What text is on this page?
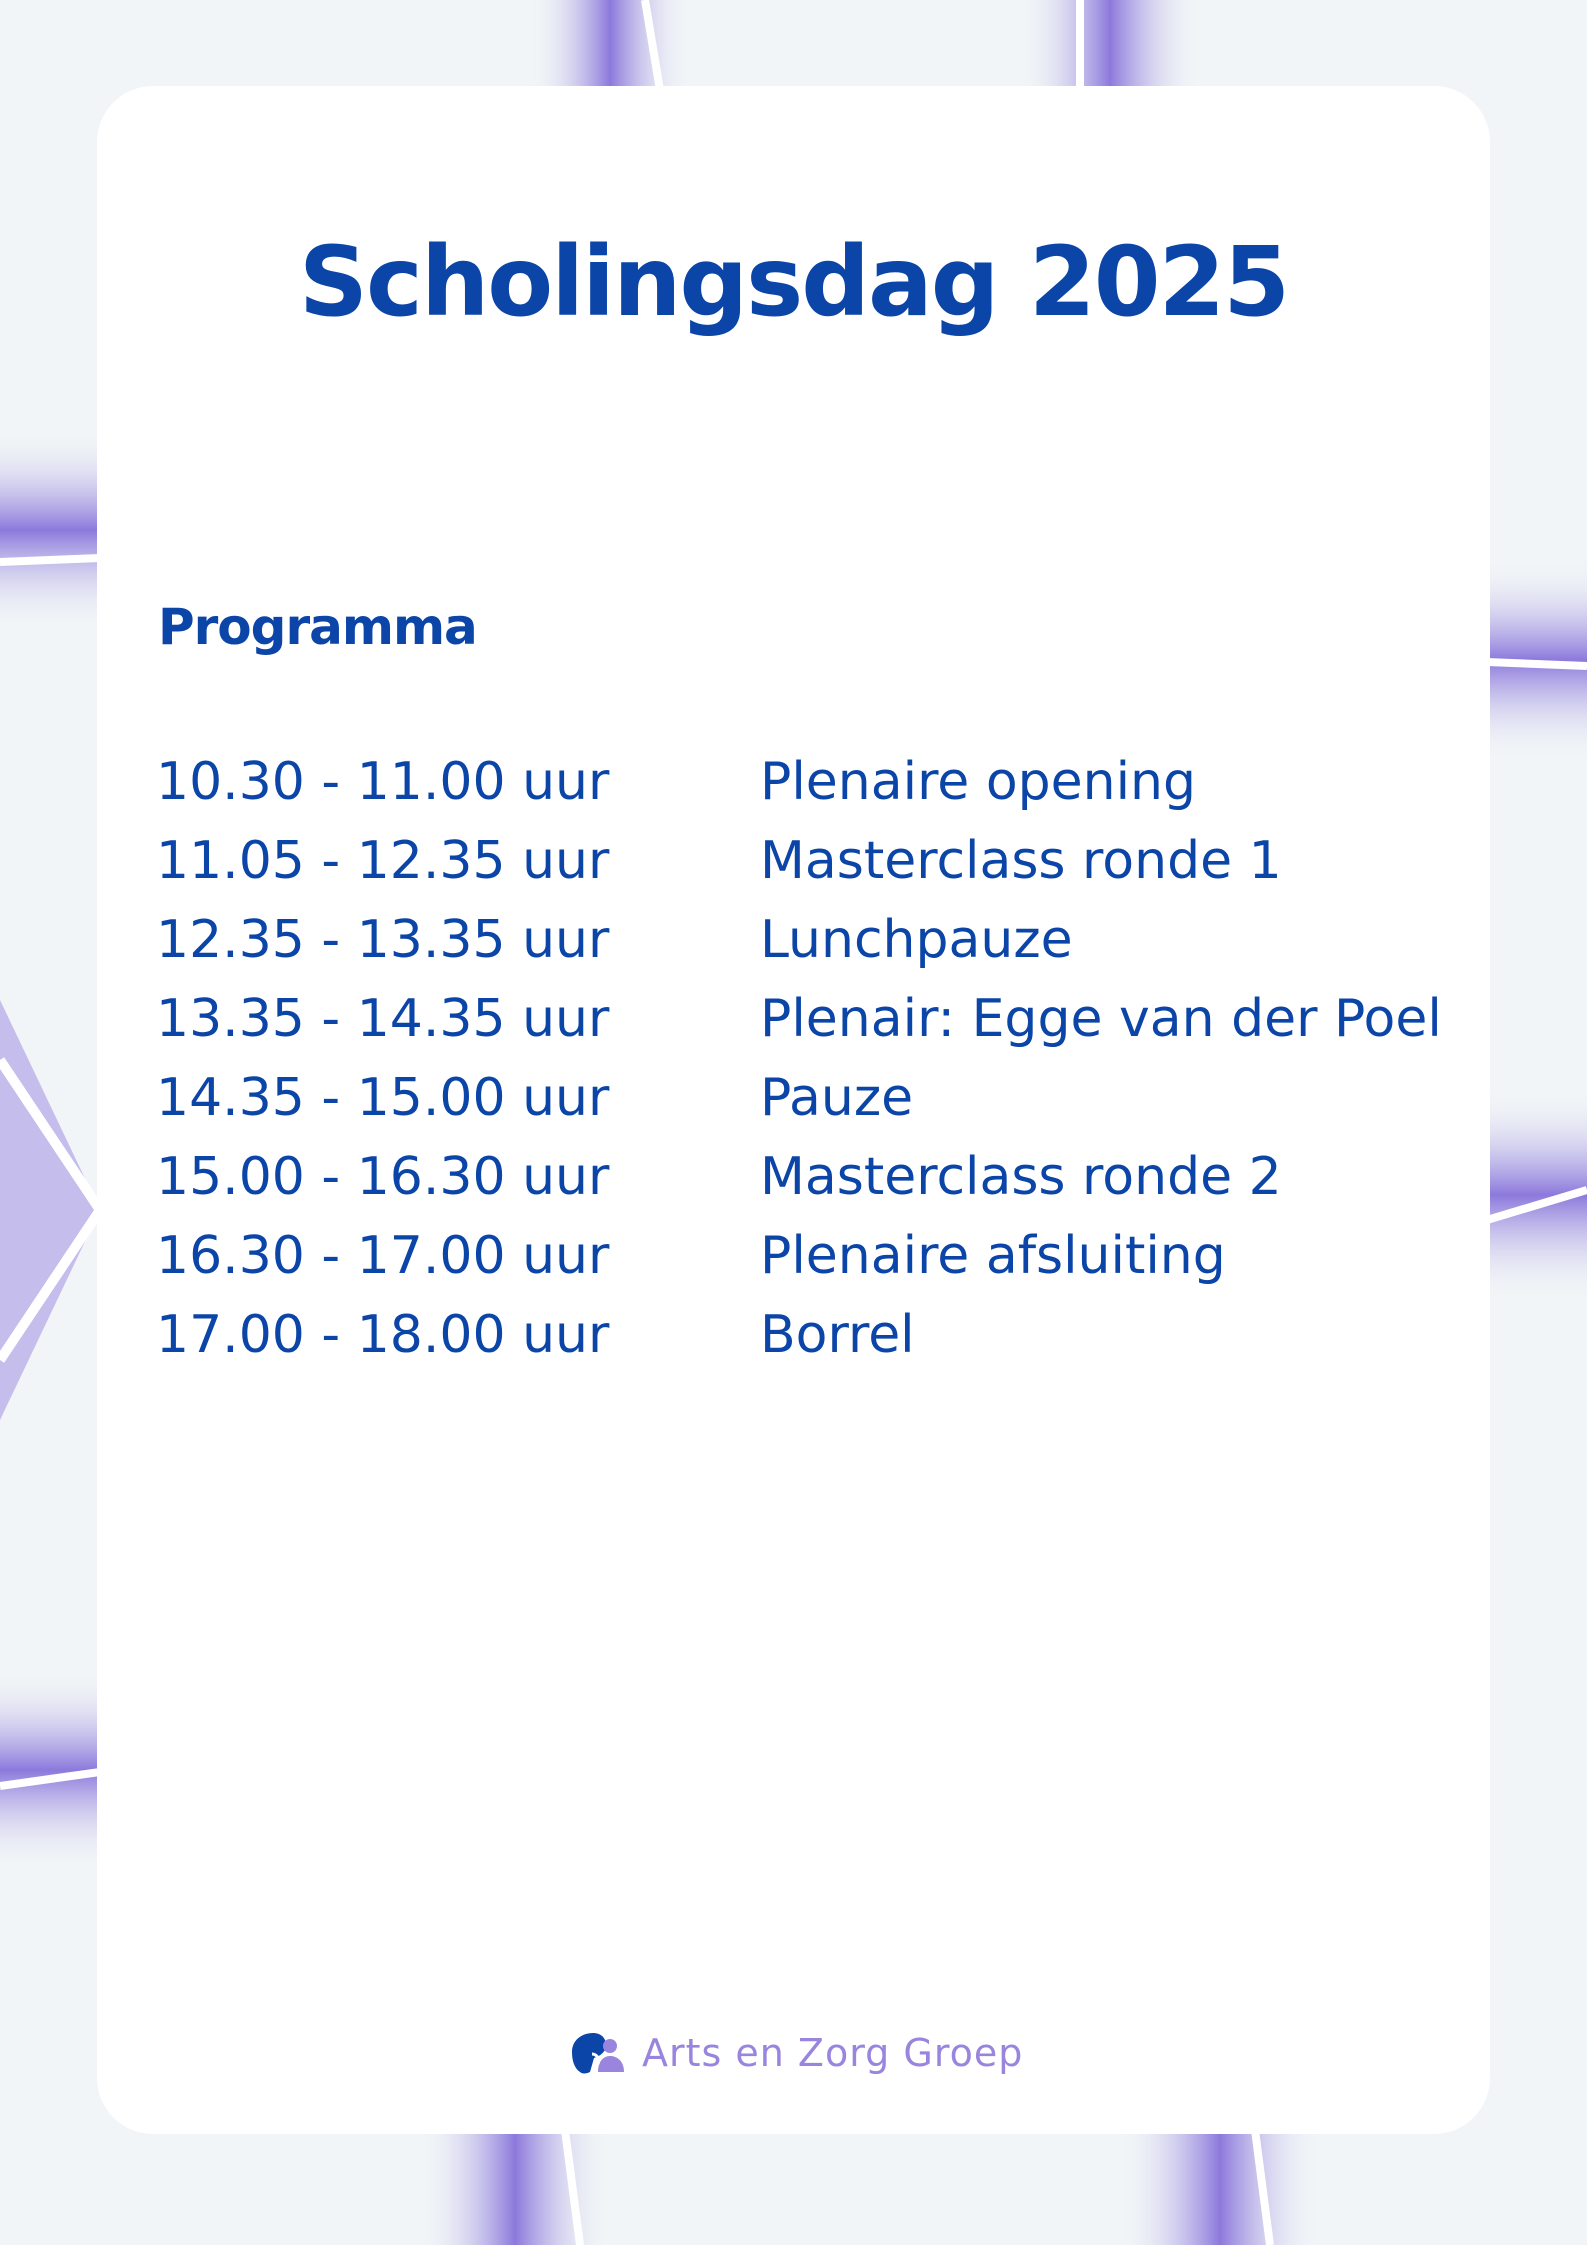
Scholingsdag 2025
Programma
10.30 - 11.00 uur	Plenaire opening
11.05 - 12.35 uur	Masterclass ronde 1
12.35 - 13.35 uur	Lunchpauze
13.35 - 14.35 uur	Plenair: Egge van der Poel
14.35 - 15.00 uur	Pauze
15.00 - 16.30 uur	Masterclass ronde 2
16.30 - 17.00 uur	Plenaire afsluiting
17.00 - 18.00 uur	Borrel
Arts en Zorg Groep
